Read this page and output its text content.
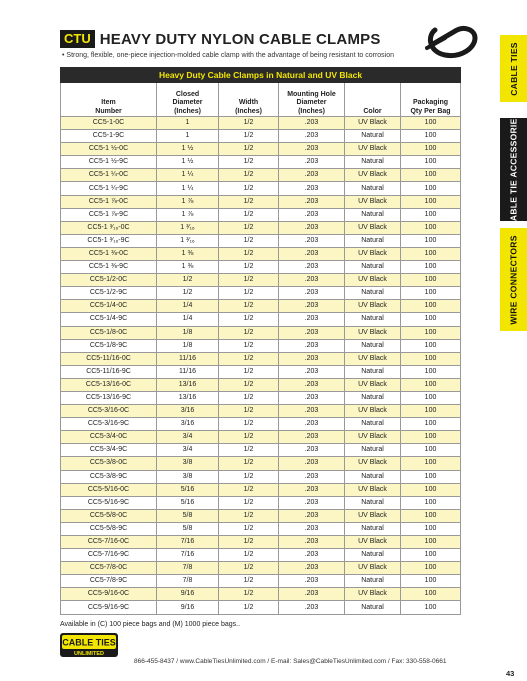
CTU HEAVY DUTY NYLON CABLE CLAMPS
• Strong, flexible, one-piece injection-molded cable clamp with the advantage of being resistant to corrosion
Heavy Duty Cable Clamps in Natural and UV Black					
Item
Number	Closed
Diameter
(Inches)	Width
(Inches)	Mounting Hole
Diameter
(Inches)	Color	Packaging
Qty Per Bag
CC5-1-0C	1	1/2	.203	UV Black	100
CC5-1-9C	1	1/2	.203	Natural	100
CC5-1 ½-0C	1 ½	1/2	.203	UV Black	100
CC5-1 ½-9C	1 ½	1/2	.203	Natural	100
CC5-1 ¼-0C	1 ¼	1/2	.203	UV Black	100
CC5-1 ¼-9C	1 ¼	1/2	.203	Natural	100
CC5-1 ⅞-0C	1 ⅞	1/2	.203	UV Black	100
CC5-1 ⅞-9C	1 ⅞	1/2	.203	Natural	100
CC5-1 ³⁄₁₆-0C	1 ³⁄₁₆	1/2	.203	UV Black	100
CC5-1 ³⁄₁₆-9C	1 ³⁄₁₆	1/2	.203	Natural	100
CC5-1 ⅜-0C	1 ⅜	1/2	.203	UV Black	100
CC5-1 ⅜-9C	1 ⅜	1/2	.203	Natural	100
CC5-1/2-0C	1/2	1/2	.203	UV Black	100
CC5-1/2-9C	1/2	1/2	.203	Natural	100
CC5-1/4-0C	1/4	1/2	.203	UV Black	100
CC5-1/4-9C	1/4	1/2	.203	Natural	100
CC5-1/8-0C	1/8	1/2	.203	UV Black	100
CC5-1/8-9C	1/8	1/2	.203	Natural	100
CC5-11/16-0C	11/16	1/2	.203	UV Black	100
CC5-11/16-9C	11/16	1/2	.203	Natural	100
CC5-13/16-0C	13/16	1/2	.203	UV Black	100
CC5-13/16-9C	13/16	1/2	.203	Natural	100
CC5-3/16-0C	3/16	1/2	.203	UV Black	100
CC5-3/16-9C	3/16	1/2	.203	Natural	100
CC5-3/4-0C	3/4	1/2	.203	UV Black	100
CC5-3/4-9C	3/4	1/2	.203	Natural	100
CC5-3/8-0C	3/8	1/2	.203	UV Black	100
CC5-3/8-9C	3/8	1/2	.203	Natural	100
CC5-5/16-0C	5/16	1/2	.203	UV Black	100
CC5-5/16-9C	5/16	1/2	.203	Natural	100
CC5-5/8-0C	5/8	1/2	.203	UV Black	100
CC5-5/8-9C	5/8	1/2	.203	Natural	100
CC5-7/16-0C	7/16	1/2	.203	UV Black	100
CC5-7/16-9C	7/16	1/2	.203	Natural	100
CC5-7/8-0C	7/8	1/2	.203	UV Black	100
CC5-7/8-9C	7/8	1/2	.203	Natural	100
CC5-9/16-0C	9/16	1/2	.203	UV Black	100
CC5-9/16-9C	9/16	1/2	.203	Natural	100
Available in (C) 100 piece bags and (M) 1000 piece bags..
CABLE TIES
UNLIMITED
866-455-8437 / www.CableTiesUnlimited.com / E-mail: Sales@CableTiesUnlimited.com / Fax: 330-558-0661
43
CABLE TIES
CABLE TIE ACCESSORIES
WIRE CONNECTORS
